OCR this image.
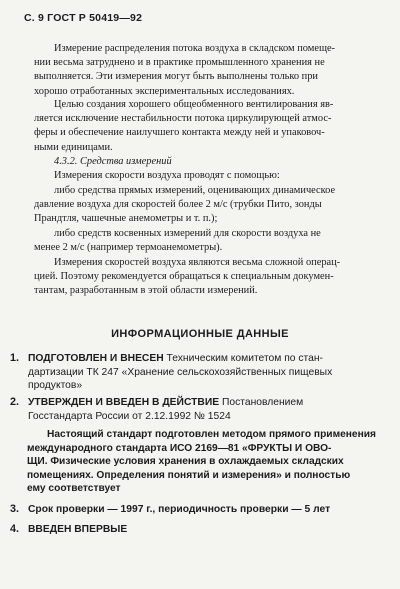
С. 9 ГОСТ Р 50419—92
Измерение распределения потока воздуха в складском помеще-
нии весьма затруднено и в практике промышленного хранения не
выполняется. Эти измерения могут быть выполнены только при
хорошо отработанных экспериментальных исследованиях.
Целью создания хорошего общеобменного вентилирования яв-
ляется исключение нестабильности потока циркулирующей атмос-
феры и обеспечение наилучшего контакта между ней и упаковоч-
ными единицами.
4.3.2. Средства измерений
Измерения скорости воздуха проводят с помощью:
либо средства прямых измерений, оценивающих динамическое
давление воздуха для скоростей более 2 м/с (трубки Пито, зонды
Прандтля, чашечные анемометры и т. п.);
либо средств косвенных измерений для скорости воздуха не
менее 2 м/с (например термоанемометры).
Измерения скоростей воздуха являются весьма сложной операц-
цией. Поэтому рекомендуется обращаться к специальным докумен-
тантам, разработанным в этой области измерений.
ИНФОРМАЦИОННЫЕ ДАННЫЕ
1. ПОДГОТОВЛЕН И ВНЕСЕН Техническим комитетом по стан-
дартизации ТК 247 «Хранение сельскохозяйственных пищевых
продуктов»
2. УТВЕРЖДЕН И ВВЕДЕН В ДЕЙСТВИЕ Постановлением
Госстандарта России от 2.12.1992 № 1524
Настоящий стандарт подготовлен методом прямого применения
международного стандарта ИСО 2169—81 «ФРУКТЫ И ОВО-
ЩИ. Физические условия хранения в охлаждаемых складских
помещениях. Определения понятий и измерения» и полностью
ему соответствует
3. Срок проверки — 1997 г., периодичность проверки — 5 лет
4. ВВЕДЕН ВПЕРВЫЕ
